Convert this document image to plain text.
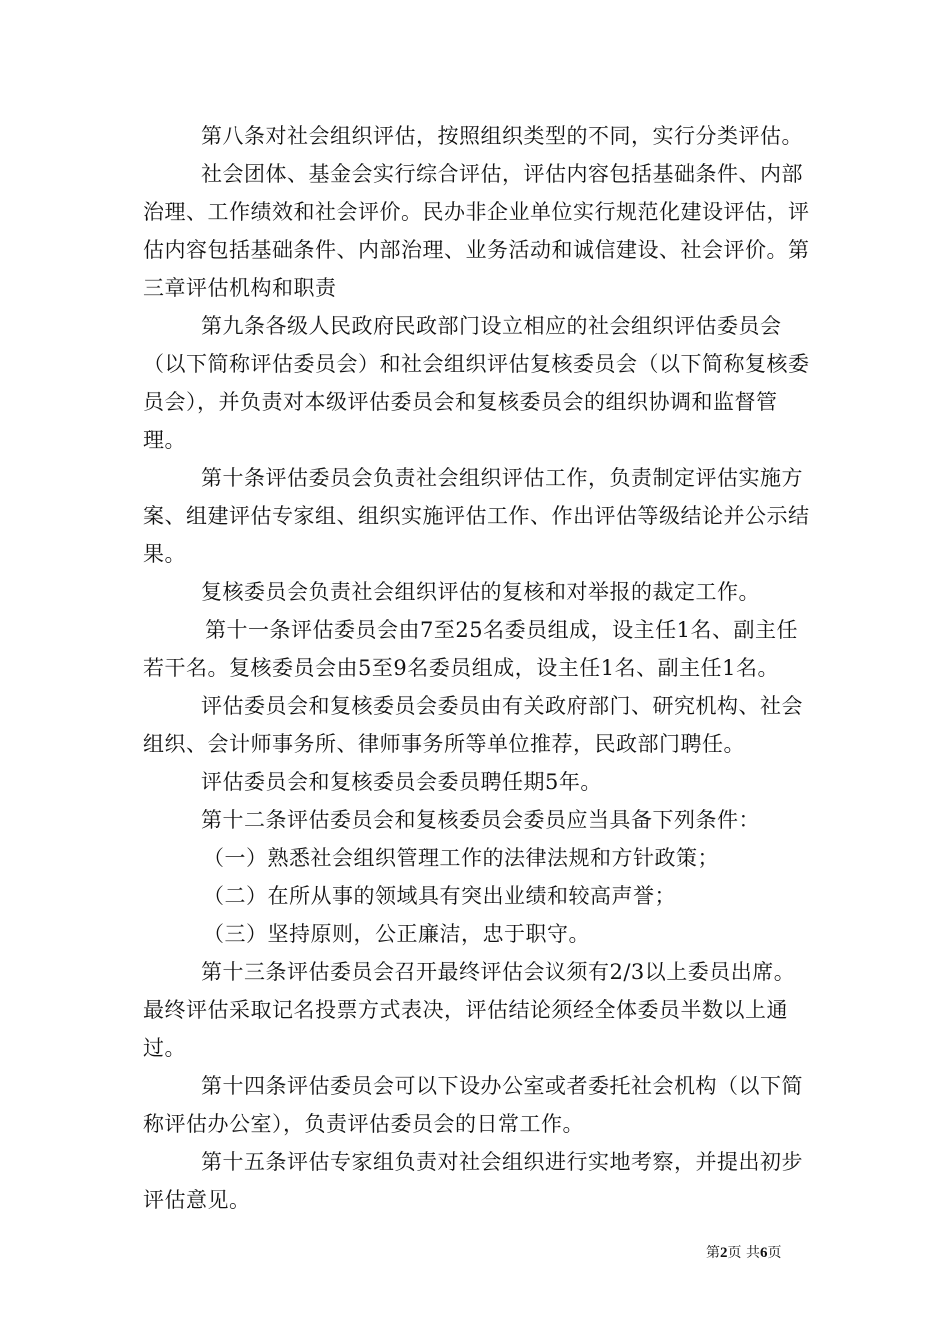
第八条对社会组织评估，按照组织类型的不同，实行分类评估。

社会团体、基金会实行综合评估，评估内容包括基础条件、内部治理、工作绩效和社会评价。民办非企业单位实行规范化建设评估，评估内容包括基础条件、内部治理、业务活动和诚信建设、社会评价。第三章评估机构和职责

第九条各级人民政府民政部门设立相应的社会组织评估委员会（以下简称评估委员会）和社会组织评估复核委员会（以下简称复核委员会），并负责对本级评估委员会和复核委员会的组织协调和监督管理。

第十条评估委员会负责社会组织评估工作，负责制定评估实施方案、组建评估专家组、组织实施评估工作、作出评估等级结论并公示结果。

复核委员会负责社会组织评估的复核和对举报的裁定工作。

第十一条评估委员会由7至25名委员组成，设主任1名、副主任若干名。复核委员会由5至9名委员组成，设主任1名、副主任1名。

评估委员会和复核委员会委员由有关政府部门、研究机构、社会组织、会计师事务所、律师事务所等单位推荐，民政部门聘任。

评估委员会和复核委员会委员聘任期5年。

第十二条评估委员会和复核委员会委员应当具备下列条件：

（一）熟悉社会组织管理工作的法律法规和方针政策；

（二）在所从事的领域具有突出业绩和较高声誉；

（三）坚持原则，公正廉洁，忠于职守。

第十三条评估委员会召开最终评估会议须有2/3以上委员出席。最终评估采取记名投票方式表决，评估结论须经全体委员半数以上通过。

第十四条评估委员会可以下设办公室或者委托社会机构（以下简称评估办公室），负责评估委员会的日常工作。

第十五条评估专家组负责对社会组织进行实地考察，并提出初步评估意见。

第2页 共6页
